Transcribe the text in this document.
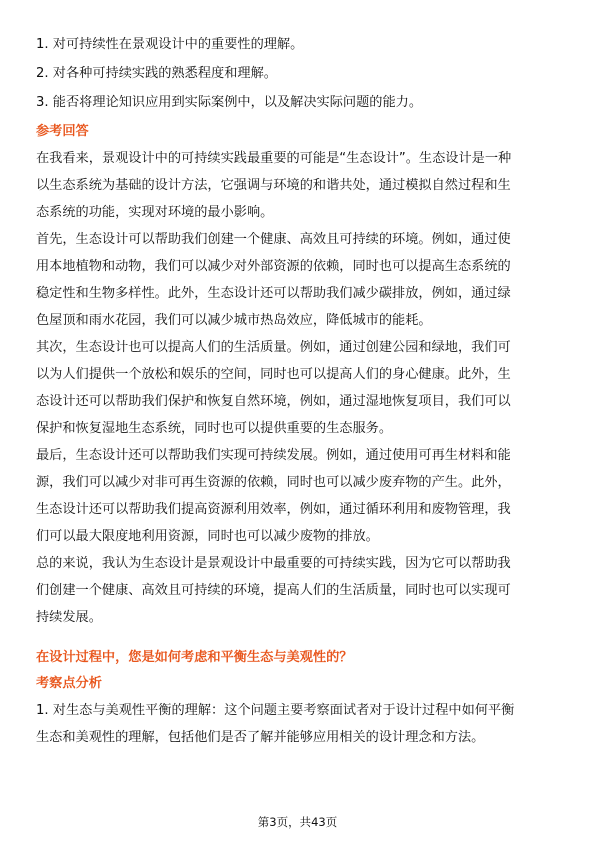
1. 对可持续性在景观设计中的重要性的理解。
2. 对各种可持续实践的熟悉程度和理解。
3. 能否将理论知识应用到实际案例中，以及解决实际问题的能力。
参考回答
在我看来，景观设计中的可持续实践最重要的可能是“生态设计”。生态设计是一种
以生态系统为基础的设计方法，它强调与环境的和谐共处，通过模拟自然过程和生
态系统的功能，实现对环境的最小影响。
首先，生态设计可以帮助我们创建一个健康、高效且可持续的环境。例如，通过使
用本地植物和动物，我们可以减少对外部资源的依赖，同时也可以提高生态系统的
稳定性和生物多样性。此外，生态设计还可以帮助我们减少碳排放，例如，通过绿
色屋顶和雨水花园，我们可以减少城市热岛效应，降低城市的能耗。
其次，生态设计也可以提高人们的生活质量。例如，通过创建公园和绿地，我们可
以为人们提供一个放松和娱乐的空间，同时也可以提高人们的身心健康。此外，生
态设计还可以帮助我们保护和恢复自然环境，例如，通过湿地恢复项目，我们可以
保护和恢复湿地生态系统，同时也可以提供重要的生态服务。
最后，生态设计还可以帮助我们实现可持续发展。例如，通过使用可再生材料和能
源，我们可以减少对非可再生资源的依赖，同时也可以减少废弃物的产生。此外，
生态设计还可以帮助我们提高资源利用效率，例如，通过循环利用和废物管理，我
们可以最大限度地利用资源，同时也可以减少废物的排放。
总的来说，我认为生态设计是景观设计中最重要的可持续实践，因为它可以帮助我
们创建一个健康、高效且可持续的环境，提高人们的生活质量，同时也可以实现可
持续发展。
在设计过程中，您是如何考虑和平衡生态与美观性的？
考察点分析
1. 对生态与美观性平衡的理解：这个问题主要考察面试者对于设计过程中如何平衡
生态和美观性的理解，包括他们是否了解并能够应用相关的设计理念和方法。
第3页，共43页
